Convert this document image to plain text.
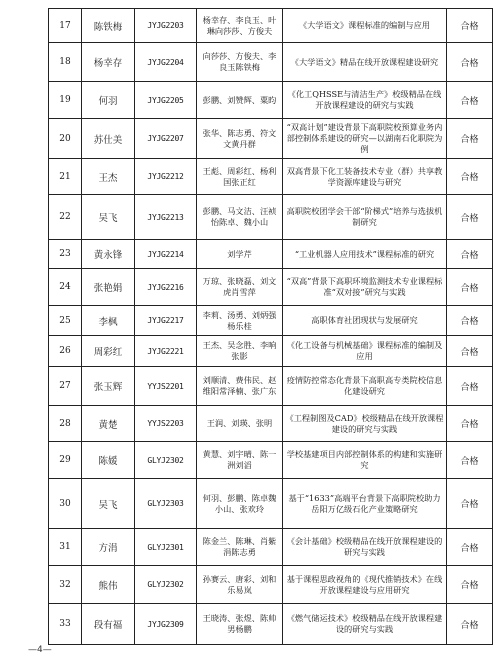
17	陈铁梅	JYJG2203	杨幸存、李良玉、叶琳向莎莎、方俊夫	《大学语文》课程标准的编制与应用	合格
18	杨幸存	JYJG2204	向莎莎、方俊夫、李良玉陈铁梅	《大学语文》精品在线开放课程建设研究	合格
19	何羽	JYJG2205	彭鹏、刘赞辉、粟昀	《化工QHSSE与清洁生产》校级精品在线开放课程建设的研究与实践	合格
20	苏仕美	JYJG2207	张华、陈志勇、符文文黄丹群	“双高计划”建设背景下高职院校预算业务内部控制体系建设的研究—以湖南石化职院为例	合格
21	王杰	JYJG2212	王彪、周彩红、杨利国张正红	双高背景下化工装备技术专业（群）共享教学资源库建设与研究	合格
22	吴飞	JYJG2213	彭鹏、马文洁、汪祯怡陈卓、魏小山	高职院校团学会干部“阶梯式”培养与选拔机制研究	合格
23	黄永锋	JYJG2214	刘学芹	“工业机器人应用技术”课程标准的研究	合格
24	张艳娟	JYJG2216	万琼、张晓磊、刘文虎肖雪萍	“双高”背景下高职环境监测技术专业课程标准“双对接”研究与实践	合格
25	李枫	JYJG2217	李莉、汤勇、刘炳强杨乐桂	高职体育社团现状与发展研究	合格
26	周彩红	JYJG2221	王杰、吴念胜、李响张影	《化工设备与机械基础》课程标准的编制及应用	合格
27	张玉辉	YYJS2201	刘顺清、费伟民、赵维阳常泽楠、张广东	疫情防控常态化背景下高职高专类院校信息化建设研究	合格
28	黄楚	YYJS2203	王润、刘瑛、张明	《工程制图及CAD》校级精品在线开放课程建设的研究与实践	合格
29	陈媛	GLYJ2302	黄慧、刘宇晴、陈一洲刘滔	学校基建项目内部控制体系的构建和实施研究	合格
30	吴飞	GLYJ2303	何羽、彭鹏、陈卓魏小山、张欢玲	基于“1633”高端平台背景下高职院校助力岳阳万亿级石化产业策略研究	合格
31	方涓	GLYJ2301	陈金兰、陈琳、肖紫涓陈志勇	《会计基础》校级精品在线开放课程建设的研究与实践	合格
32	熊伟	GLYJ2302	孙赛云、唐彩、刘和乐易岚	基于课程思政视角的《现代推销技术》在线开放课程建设与应用研究	合格
33	段有福	JYJG2309	王晓涛、张煜、陈帅男杨鹏	《燃气储运技术》校级精品在线开放课程建设的研究与实践	合格
—4—
